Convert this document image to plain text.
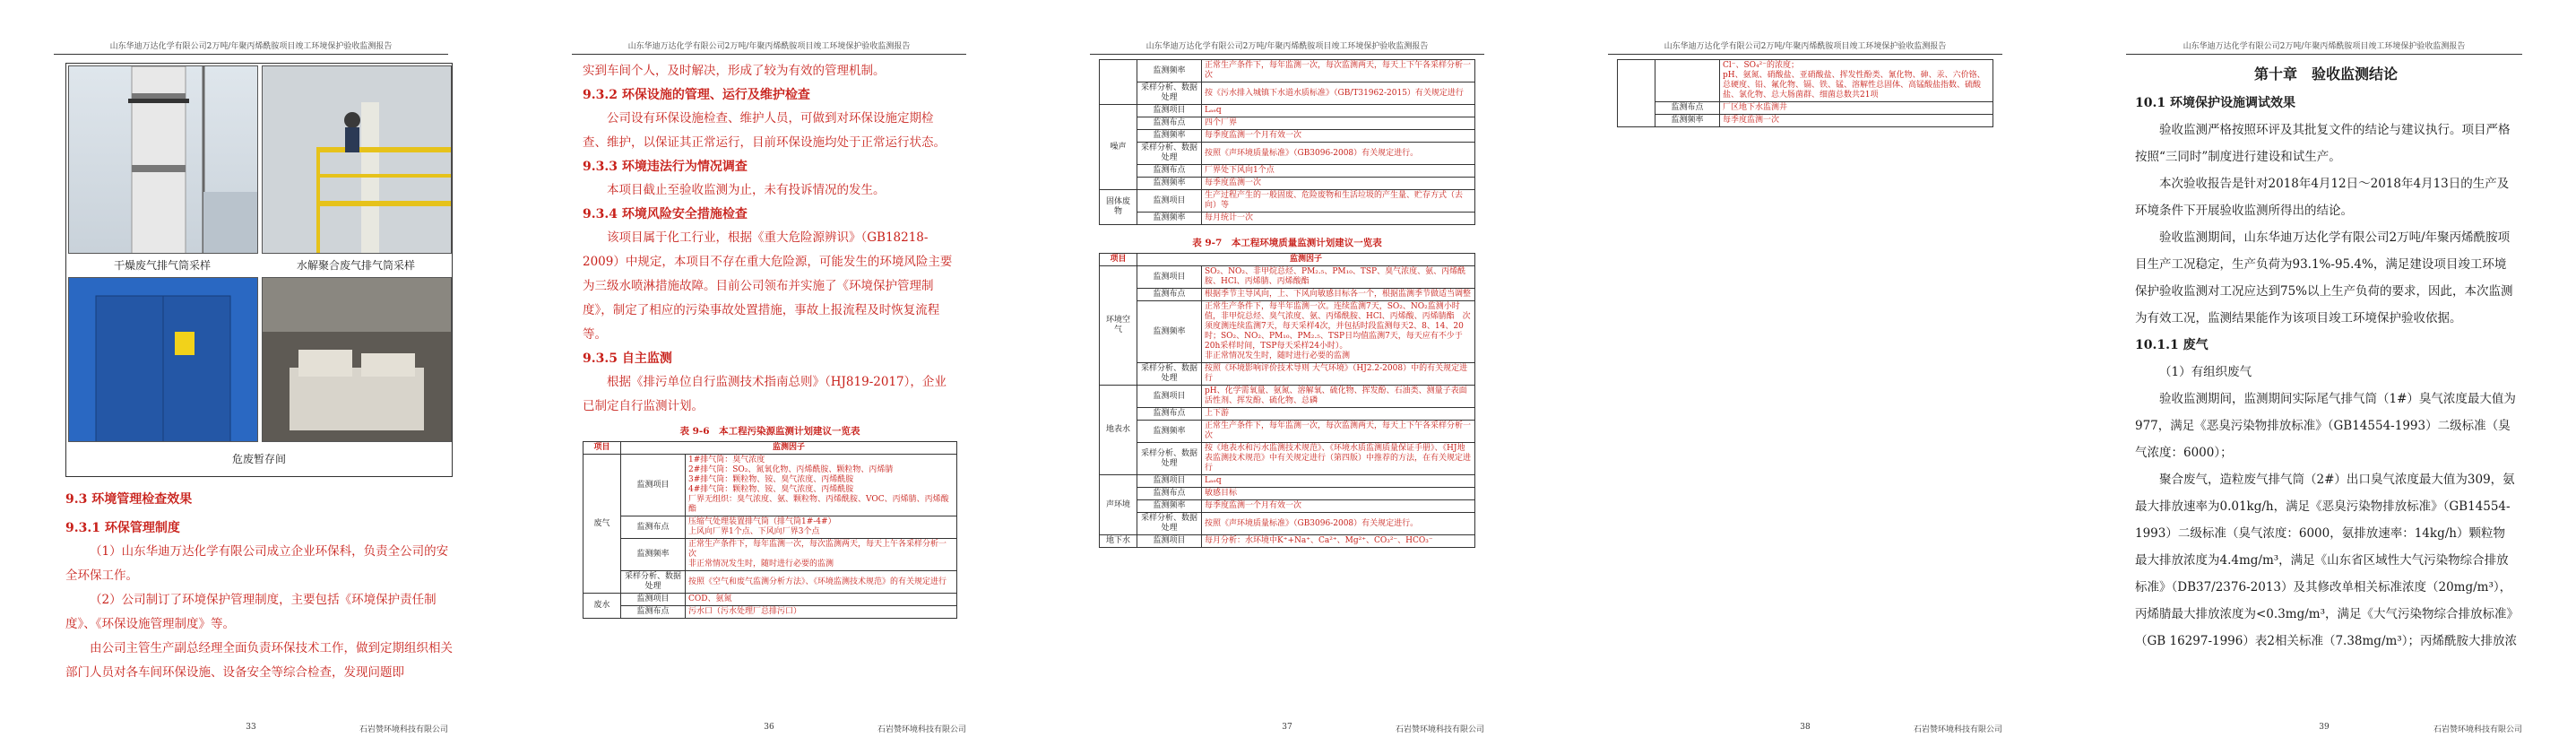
山东华迪万达化学有限公司2万吨/年聚丙烯酰胺项目竣工环境保护验收监测报告
干燥废气排气筒采样	水解聚合废气排气筒采样
危废暂存间
9.3 环境管理检查效果
9.3.1 环保管理制度
（1）山东华迪万达化学有限公司成立企业环保科，负责全公司的安全环保工作。
（2）公司制订了环境保护管理制度，主要包括《环境保护责任制度》、《环保设施管理制度》等。
由公司主管生产副总经理全面负责环保技术工作，做到定期组织相关部门人员对各车间环保设施、设备安全等综合检查，发现问题即
33	石岩赞环境科技有限公司
山东华迪万达化学有限公司2万吨/年聚丙烯酰胺项目竣工环境保护验收监测报告
实到车间个人，及时解决，形成了较为有效的管理机制。
9.3.2 环保设施的管理、运行及维护检查
公司设有环保设施检查、维护人员，可做到对环保设施定期检查、维护，以保证其正常运行，目前环保设施均处于正常运行状态。
9.3.3 环境违法行为情况调查
本项目截止至验收监测为止，未有投诉情况的发生。
9.3.4 环境风险安全措施检查
该项目属于化工行业，根据《重大危险源辨识》（GB18218-2009）中规定，本项目不存在重大危险源，可能发生的环境风险主要为三级水喷淋措施故障。目前公司领布并实施了《环境保护管理制度》，制定了相应的污染事故处置措施，事故上报流程及时恢复流程等。
9.3.5 自主监测
根据《排污单位自行监测技术指南总则》（HJ819-2017），企业已制定自行监测计划。
表 9-6　本工程污染源监测计划建议一览表
项目	监测因子	
废气	监测项目	1#排气筒：臭气浓度
2#排气筒：SO₂、氮氧化物、丙烯酰胺、颗粒物、丙烯腈
3#排气筒：颗粒物、铵、臭气浓度、丙烯酰胺
4#排气筒：颗粒物、铵、臭气浓度、丙烯酰胺
厂界无组织：臭气浓度、氨、颗粒物、丙烯酰胺、VOC、丙烯腈、丙烯酸酯
	监测布点	压缩气处理装置排气筒（排气筒1#-4#）
上风向厂界1个点、下风向厂界3个点
	监测频率	正常生产条件下，每年监测一次，每次监测两天，每天上午各采样分析一次
非正常情况发生时，随时进行必要的监测
	采样分析、数据处理	按照《空气和废气监测分析方法》、《环境监测技术规范》的有关规定进行
废水	监测项目	COD、氨氮
	监测布点	污水口（污水处理厂总排污口）
36	石岩赞环境科技有限公司
山东华迪万达化学有限公司2万吨/年聚丙烯酰胺项目竣工环境保护验收监测报告
	监测频率	正常生产条件下，每年监测一次，每次监测两天，每天上下午各采样分析一次
	采样分析、数据处理	按《污水排入城镇下水道水质标准》（GB/T31962-2015）有关规定进行
噪声	监测项目	Lₐₑq
	监测布点	四个厂界
	监测频率	每季度监测一个月有效一次
	采样分析、数据处理	按照《声环境质量标准》（GB3096-2008）有关规定进行。
	监测布点	厂界处下风向1个点
	监测频率	每季度监测一次
固体废物	监测项目	生产过程产生的一般固废、危险废物和生活垃圾的产生量、贮存方式（去向）等
	监测频率	每月统计一次
表 9-7　本工程环境质量监测计划建议一览表
项目	监测因子	
环境空气	监测项目	SO₂、NO₂、非甲烷总烃、PM₂.₅、PM₁₀、TSP、臭气浓度、氨、丙烯酰胺、HCl、丙烯腈、丙烯酸酯
	监测布点	根据季节主导风向，上、下风向敏感目标各一个，根据监测季节做适当调整
	监测频率	正常生产条件下，每半年监测一次。连续监测7天，SO₂、NO₂监测小时值，非甲烷总烃、臭气浓度、氨、丙烯酰胺、HCl、丙烯酸、丙烯腈酯　次须度测连续监测7天，每天采样4次，并包括时段监测每天2、8、14、20时；SO₂、NO₂、PM₁₀、PM₂.₅、TSP日均值监测7天，每天应有不少于20h采样时间，TSP每天采样24小时）。
非正常情况发生时，随时进行必要的监测
	采样分析、数据处理	按照《环境影响评价技术导则 大气环境》（HJ2.2-2008）中的有关规定进行
地表水	监测项目	pH、化学需氧量、氨氮、溶解氧、硫化物、挥发酚、石油类、测量子表面活性剂、挥发酚、硫化物、总磷
	监测布点	上下游
	监测频率	正常生产条件下，每年监测一次，每次监测两天，每天上下午各采样分析一次
	采样分析、数据处理	按《地表水和污水监测技术规范》、《环境水质监测质量保证手册》、《HJ地表监测技术规范》中有关规定进行（第四版）中推荐的方法，在有关规定进行
声环境	监测项目	Lₐₑq
	监测布点	敏感目标
	监测频率	每季度监测一个月有效一次
	采样分析、数据处理	按照《声环境质量标准》（GB3096-2008）有关规定进行。
地下水	监测项目	每月分析：水环境中K⁺+Na⁺、Ca²⁺、Mg²⁺、CO₃²⁻、HCO₃⁻
37	石岩赞环境科技有限公司
山东华迪万达化学有限公司2万吨/年聚丙烯酰胺项目竣工环境保护验收监测报告
		Cl⁻、SO₄²⁻的浓度；
pH、氨氮、硝酸盐、亚硝酸盐、挥发性酚类、氰化物、砷、汞、六价铬、总硬度、铅、氟化物、镉、铁、锰、溶解性总固体、高锰酸盐指数、硫酸盐、氯化物、总大肠菌群、细菌总数共21项
	监测布点	厂区地下水监测井
	监测频率	每季度监测一次
38	石岩赞环境科技有限公司
山东华迪万达化学有限公司2万吨/年聚丙烯酰胺项目竣工环境保护验收监测报告
第十章　验收监测结论
10.1 环境保护设施调试效果
验收监测严格按照环评及其批复文件的结论与建议执行。项目严格按照“三同时”制度进行建设和试生产。
本次验收报告是针对2018年4月12日～2018年4月13日的生产及环境条件下开展验收监测所得出的结论。
验收监测期间，山东华迪万达化学有限公司2万吨/年聚丙烯酰胺项目生产工况稳定，生产负荷为93.1%-95.4%，满足建设项目竣工环境保护验收监测对工况应达到75%以上生产负荷的要求，因此，本次监测为有效工况，监测结果能作为该项目竣工环境保护验收依据。
10.1.1 废气
（1）有组织废气
验收监测期间，监测期间实际尾气排气筒（1#）臭气浓度最大值为977，满足《恶臭污染物排放标准》（GB14554-1993）二级标准（臭气浓度：6000）；
聚合废气，造粒废气排气筒（2#）出口臭气浓度最大值为309，氨最大排放速率为0.01kg/h，满足《恶臭污染物排放标准》（GB14554-1993）二级标准（臭气浓度：6000，氨排放速率：14kg/h）颗粒物最大排放浓度为4.4mg/m³，满足《山东省区域性大气污染物综合排放标准》（DB37/2376-2013）及其修改单相关标准浓度（20mg/m³），丙烯腈最大排放浓度为<0.3mg/m³，满足《大气污染物综合排放标准》（GB 16297-1996）表2相关标准（7.38mg/m³）；丙烯酰胺大排放浓
39	石岩赞环境科技有限公司
